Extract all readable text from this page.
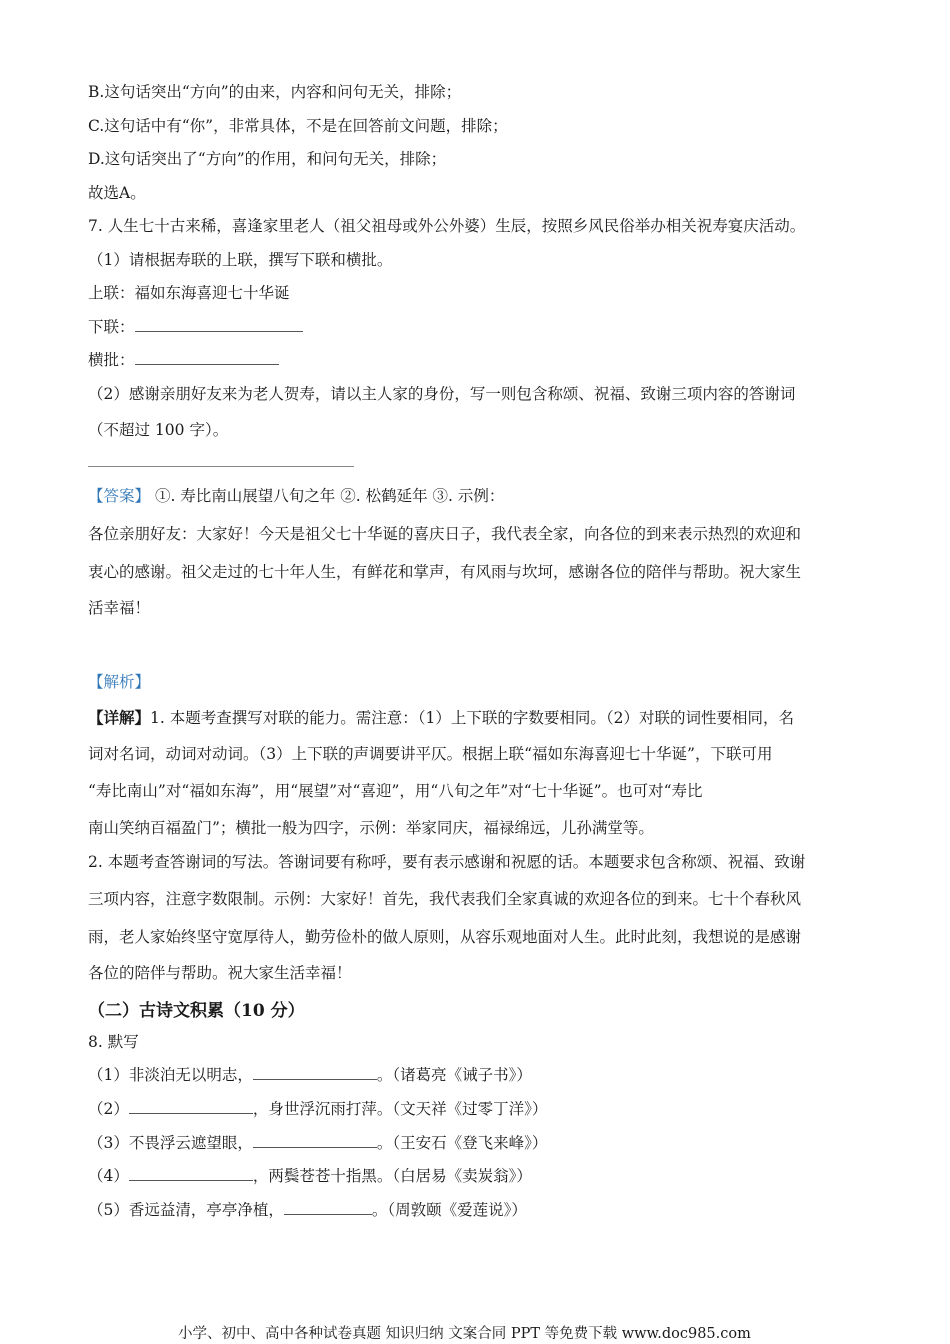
B.这句话突出“方向”的由来，内容和问句无关，排除；
C.这句话中有“你”，非常具体，不是在回答前文问题，排除；
D.这句话突出了“方向”的作用，和问句无关，排除；
故选A。
7. 人生七十古来稀，喜逢家里老人（祖父祖母或外公外婆）生辰，按照乡风民俗举办相关祝寿宴庆活动。
（1）请根据寿联的上联，撰写下联和横批。
上联：福如东海喜迎七十华诞
下联：
横批：
（2）感谢亲朋好友来为老人贺寿，请以主人家的身份，写一则包含称颂、祝福、致谢三项内容的答谢词
（不超过 100 字）。
【答案】 ①. 寿比南山展望八旬之年 ②. 松鹤延年 ③. 示例：
各位亲朋好友：大家好！今天是祖父七十华诞的喜庆日子，我代表全家，向各位的到来表示热烈的欢迎和
衷心的感谢。祖父走过的七十年人生，有鲜花和掌声，有风雨与坎坷，感谢各位的陪伴与帮助。祝大家生
活幸福！
【解析】
【详解】1. 本题考查撰写对联的能力。需注意：（1）上下联的字数要相同。（2）对联的词性要相同，名
词对名词，动词对动词。（3）上下联的声调要讲平仄。根据上联“福如东海喜迎七十华诞”，下联可用
“寿比南山”对“福如东海”，用“展望”对“喜迎”，用“八旬之年”对“七十华诞”。也可对“寿比
南山笑纳百福盈门”；横批一般为四字，示例：举家同庆，福禄绵远，儿孙满堂等。
2. 本题考查答谢词的写法。答谢词要有称呼，要有表示感谢和祝愿的话。本题要求包含称颂、祝福、致谢
三项内容，注意字数限制。示例：大家好！首先，我代表我们全家真诚的欢迎各位的到来。七十个春秋风
雨，老人家始终坚守宽厚待人，勤劳俭朴的做人原则，从容乐观地面对人生。此时此刻，我想说的是感谢
各位的陪伴与帮助。祝大家生活幸福！
（二）古诗文积累（10 分）
8. 默写
（1）非淡泊无以明志，	。（诸葛亮《诫子书》）
（2）	，身世浮沉雨打萍。（文天祥《过零丁洋》）
（3）不畏浮云遮望眼，	。（王安石《登飞来峰》）
（4）	，两鬓苍苍十指黑。（白居易《卖炭翁》）
（5）香远益清，亭亭净植，	。（周敦颐《爱莲说》）
小学、初中、高中各种试卷真题 知识归纳 文案合同 PPT 等免费下载 www.doc985.com
